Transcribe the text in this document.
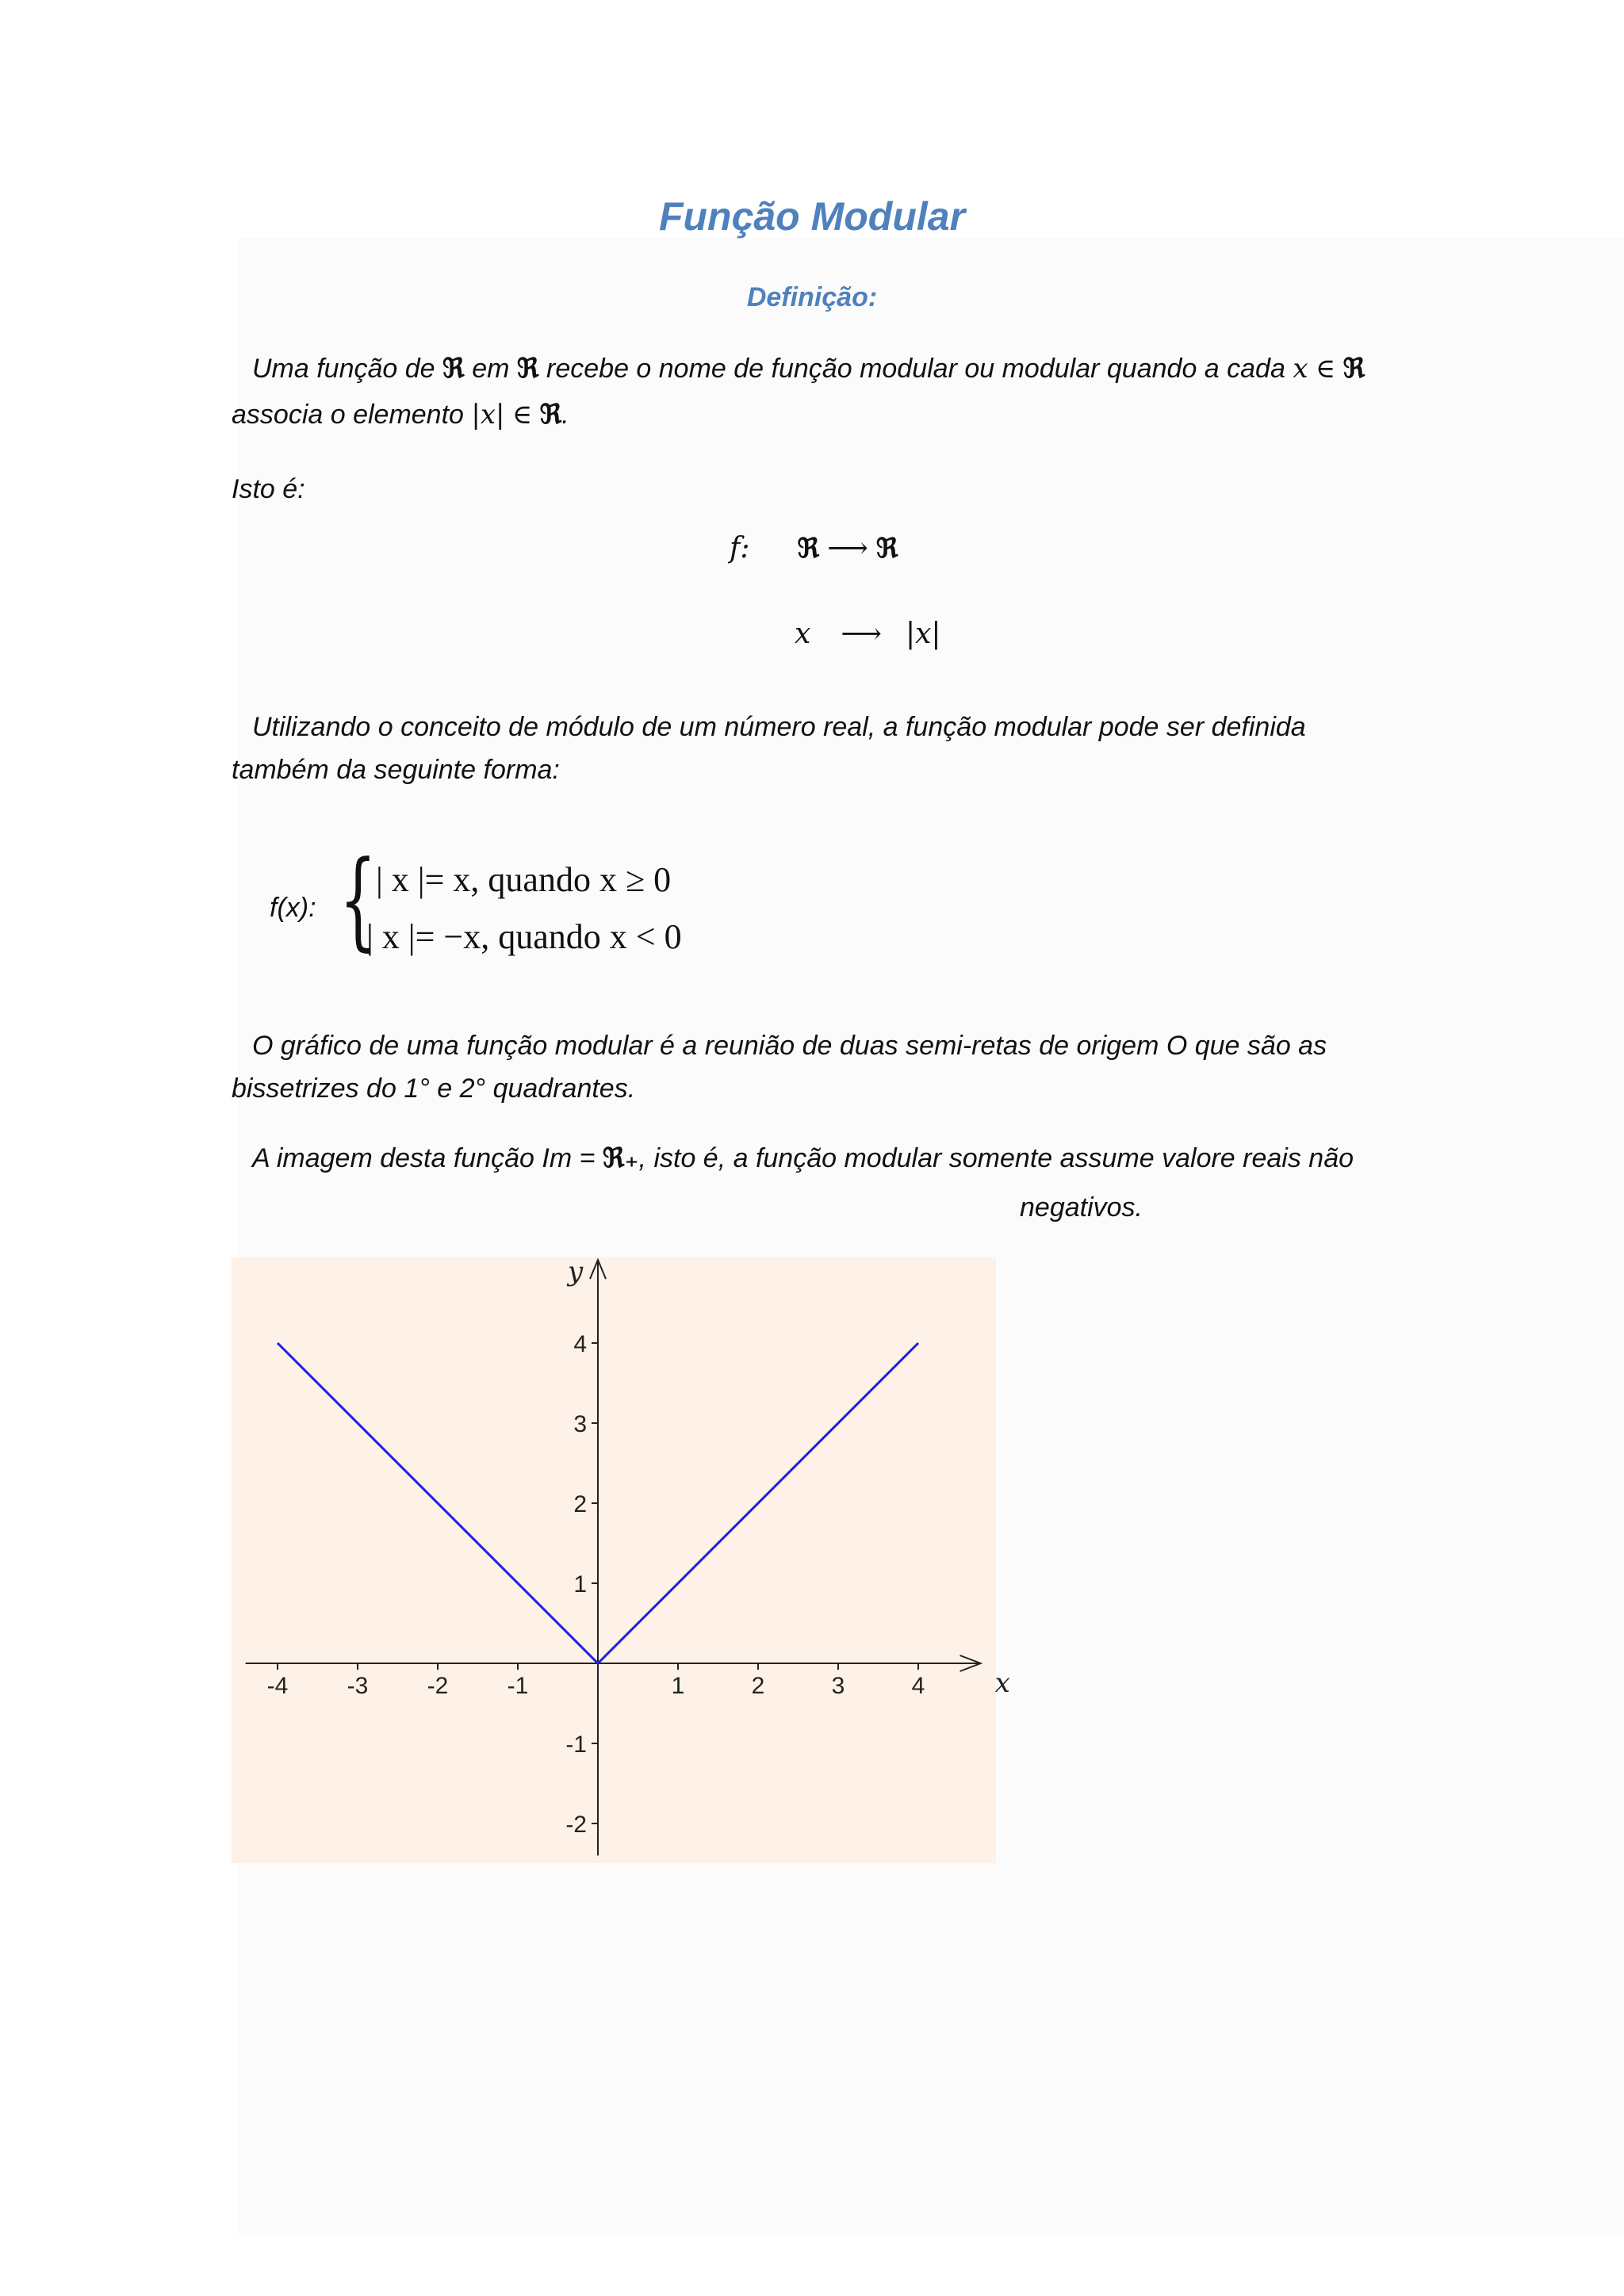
Função Modular
Definição:
Uma função de ℜ em ℜ recebe o nome de função modular ou modular quando a cada x ∈ ℜ
associa o elemento |x| ∈ ℜ.
Isto é:
f: ℜ ⟶ ℜ
x ⟶ |x|
Utilizando o conceito de módulo de um número real, a função modular pode ser definida
também da seguinte forma:
f(x): { | x |= x, quando x ≥ 0
| x |= −x, quando x < 0
O gráfico de uma função modular é a reunião de duas semi-retas de origem O que são as
bissetrizes do 1° e 2° quadrantes.
A imagem desta função Im = ℜ₊, isto é, a função modular somente assume valore reais não
negativos.
-4 -3 -2 -1	1	2	3	4
4
3
2
1
-1
-2
x
y
